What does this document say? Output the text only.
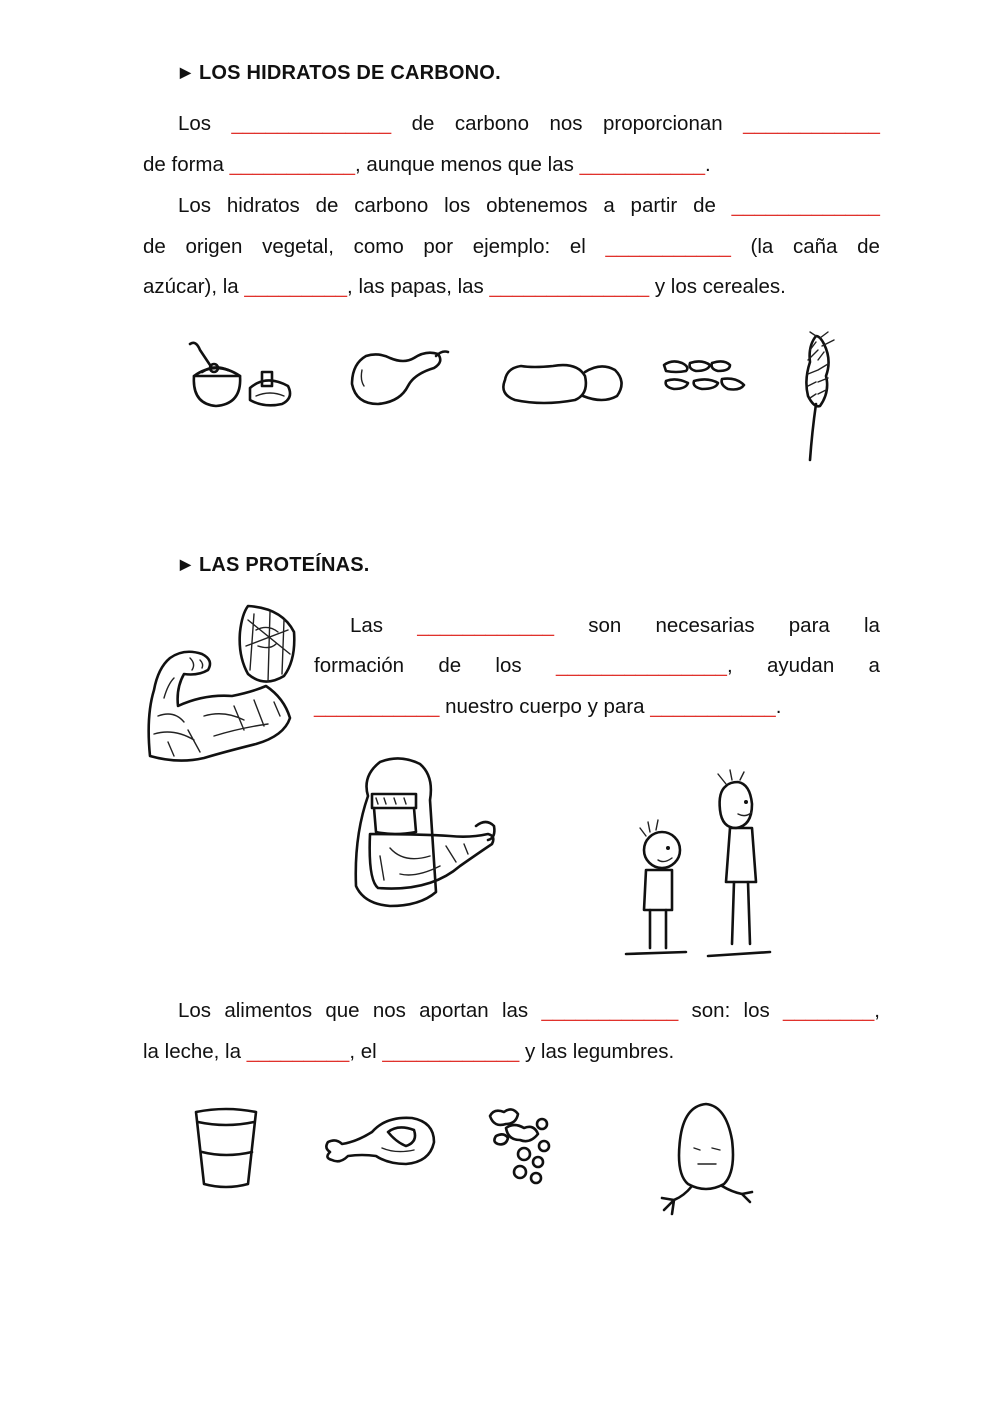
▶ LOS HIDRATOS DE CARBONO.
Los ______________ de carbono nos proporcionan ____________
de forma ___________, aunque menos que las ___________.
Los hidratos de carbono los obtenemos a partir de _____________
de origen vegetal, como por ejemplo: el ___________ (la caña de
azúcar), la _________, las papas, las ______________ y los cereales.
▶ LAS PROTEÍNAS.
Las ____________ son necesarias para la
formación de los _______________, ayudan a
___________ nuestro cuerpo y para ___________.
Los alimentos que nos aportan las ____________ son: los ________,
la leche, la _________, el ____________ y las legumbres.
